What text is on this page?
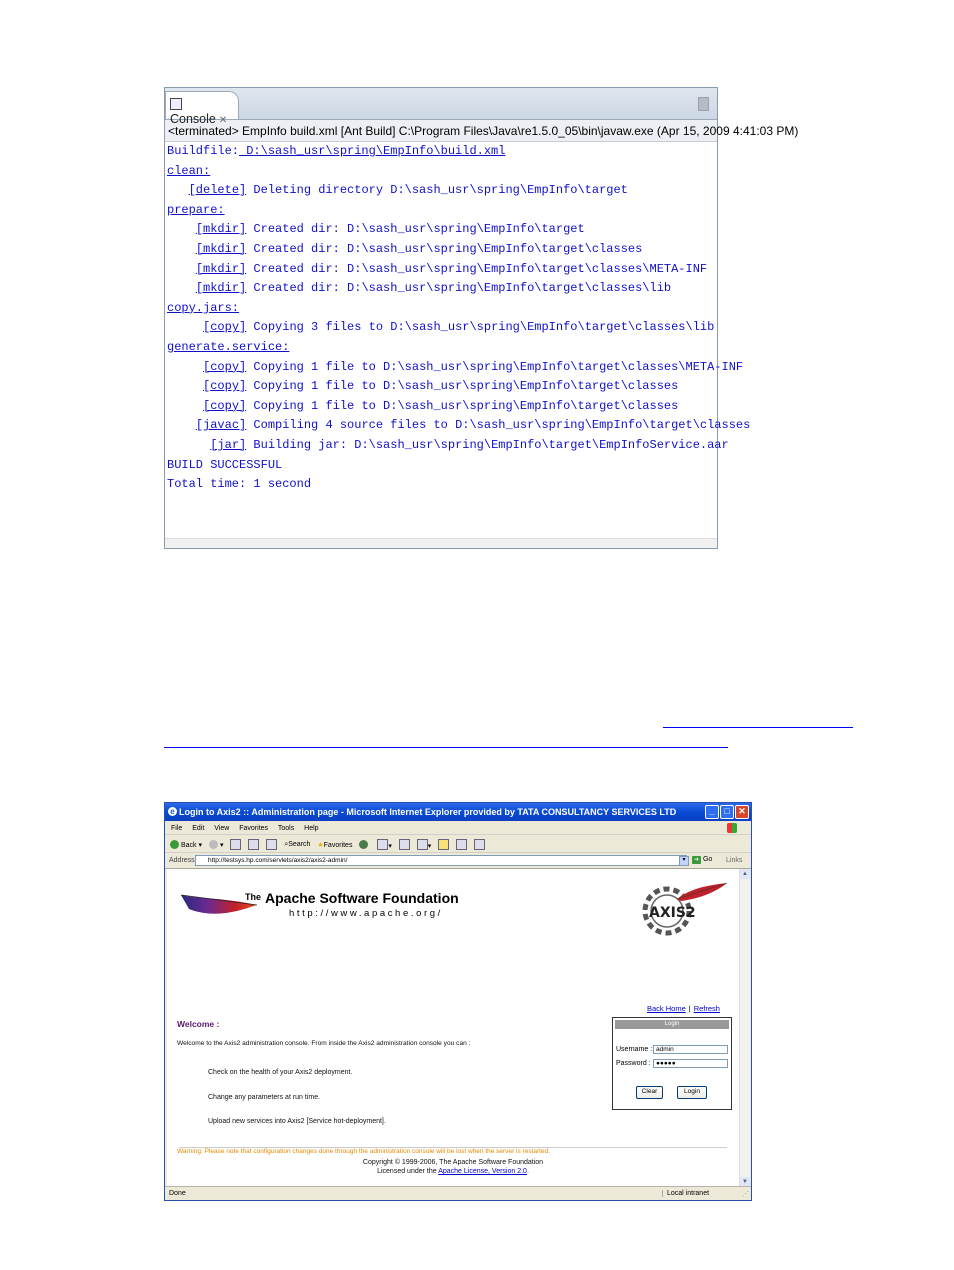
Console ✕
<terminated> EmpInfo build.xml [Ant Build] C:\Program Files\Java\re1.5.0_05\bin\javaw.exe (Apr 15, 2009 4:41:03 PM)
Buildfile: D:\sash_usr\spring\EmpInfo\build.xml
clean:
[delete] Deleting directory D:\sash_usr\spring\EmpInfo\target
prepare:
[mkdir] Created dir: D:\sash_usr\spring\EmpInfo\target
[mkdir] Created dir: D:\sash_usr\spring\EmpInfo\target\classes
[mkdir] Created dir: D:\sash_usr\spring\EmpInfo\target\classes\META-INF
[mkdir] Created dir: D:\sash_usr\spring\EmpInfo\target\classes\lib
copy.jars:
[copy] Copying 3 files to D:\sash_usr\spring\EmpInfo\target\classes\lib
generate.service:
[copy] Copying 1 file to D:\sash_usr\spring\EmpInfo\target\classes\META-INF
[copy] Copying 1 file to D:\sash_usr\spring\EmpInfo\target\classes
[copy] Copying 1 file to D:\sash_usr\spring\EmpInfo\target\classes
[javac] Compiling 4 source files to D:\sash_usr\spring\EmpInfo\target\classes
[jar] Building jar: D:\sash_usr\spring\EmpInfo\target\EmpInfoService.aar
BUILD SUCCESSFUL
Total time: 1 second
e Login to Axis2 :: Administration page - Microsoft Internet Explorer provided by TATA CONSULTANCY SERVICES LTD	_ □ ✕
File Edit View Favorites Tools Help
Back ▾	▾	⌕Search ★Favorites	▾	▾
Address	http://testsys.hp.com/servlets/axis2/axis2-admin/	▾	➜ Go Links
The Apache Software Foundation
http://www.apache.org/	AXIS2
Back Home | Refresh
Welcome :
Welcome to the Axis2 administration console. From inside the Axis2 administration console you can :
Check on the health of your Axis2 deployment.
Change any parameters at run time.
Upload new services into Axis2 [Service hot-deployment].
Warning: Please note that configuration changes done through the administration console will be lost when the server is restarted.
Login
Username : admin
Password : ●●●●●
Clear	Login
Copyright © 1999-2006, The Apache Software Foundation
Licensed under the Apache License, Version 2.0.
▲
▼
Done	Local intranet	⋰
